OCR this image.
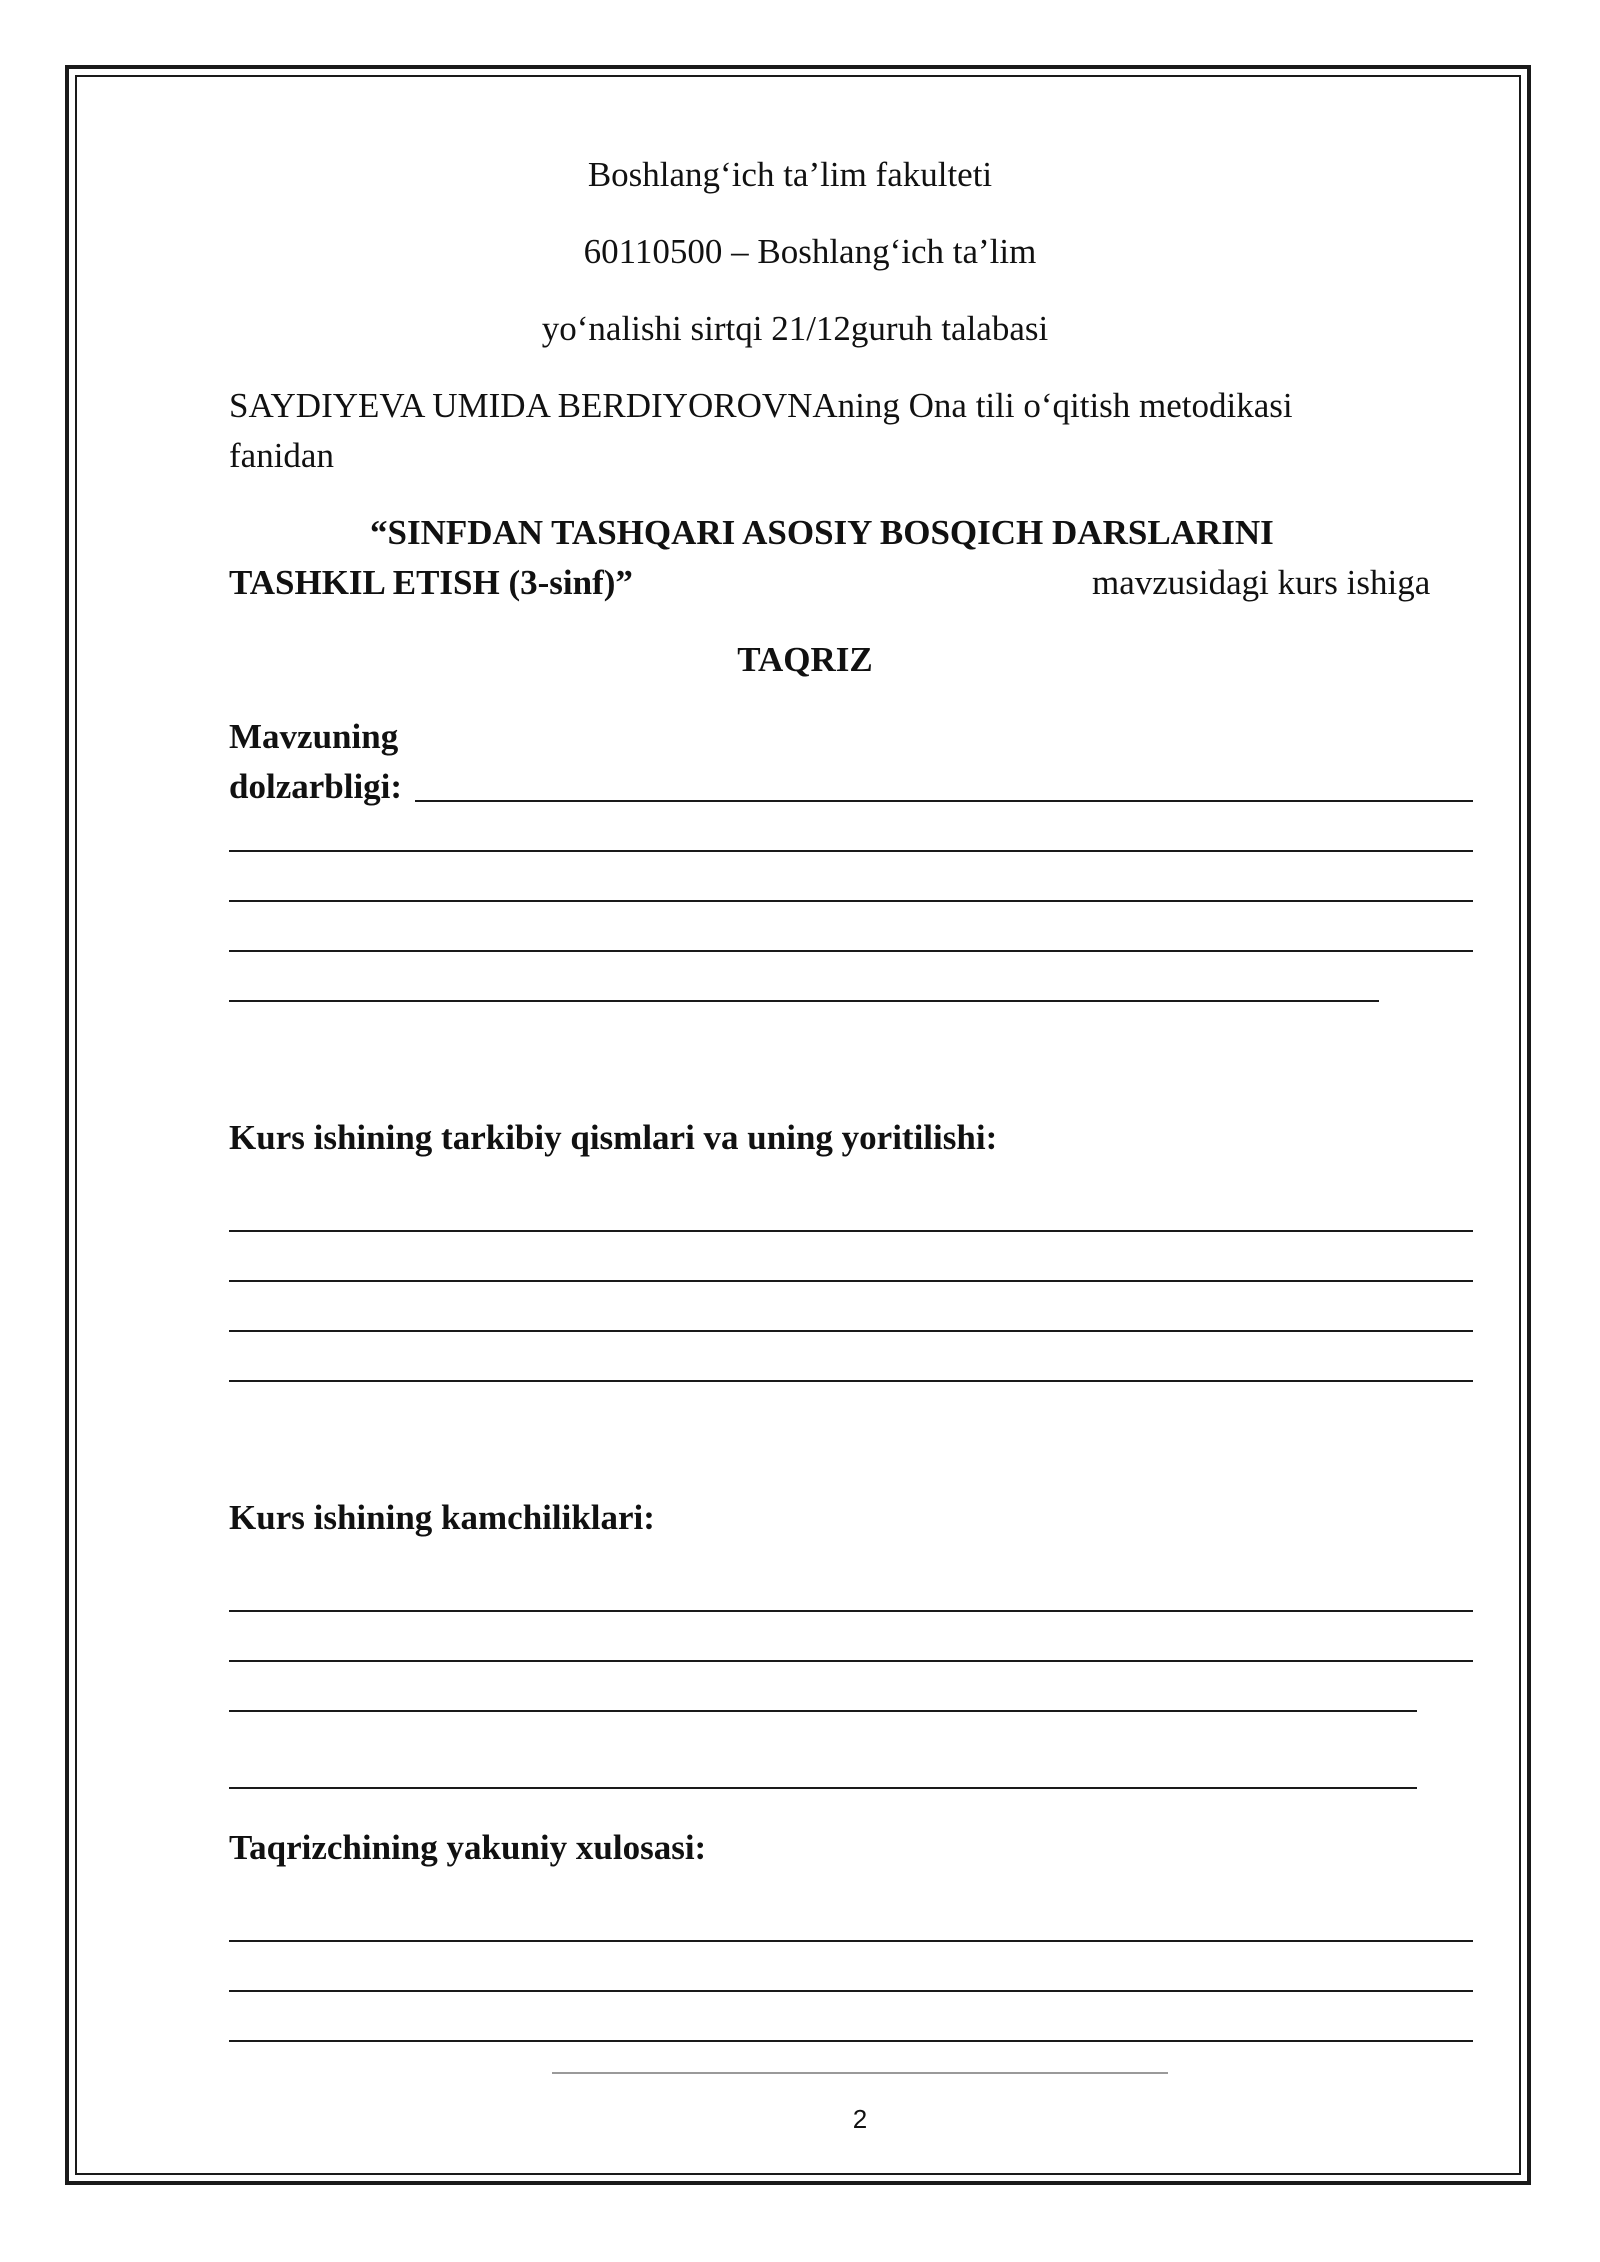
Boshlang‘ich ta’lim fakulteti
60110500 – Boshlang‘ich ta’lim
yo‘nalishi sirtqi 21/12guruh talabasi
SAYDIYEVA UMIDA BERDIYOROVNAning Ona tili o‘qitish metodikasi
fanidan
“SINFDAN TASHQARI ASOSIY BOSQICH DARSLARINI
TASHKIL ETISH (3-sinf)”	mavzusidagi kurs ishiga
TAQRIZ
Mavzuning
dolzarbligi:
Kurs ishining tarkibiy qismlari va uning yoritilishi:
Kurs ishining kamchiliklari:
Taqrizchining yakuniy xulosasi:
2
